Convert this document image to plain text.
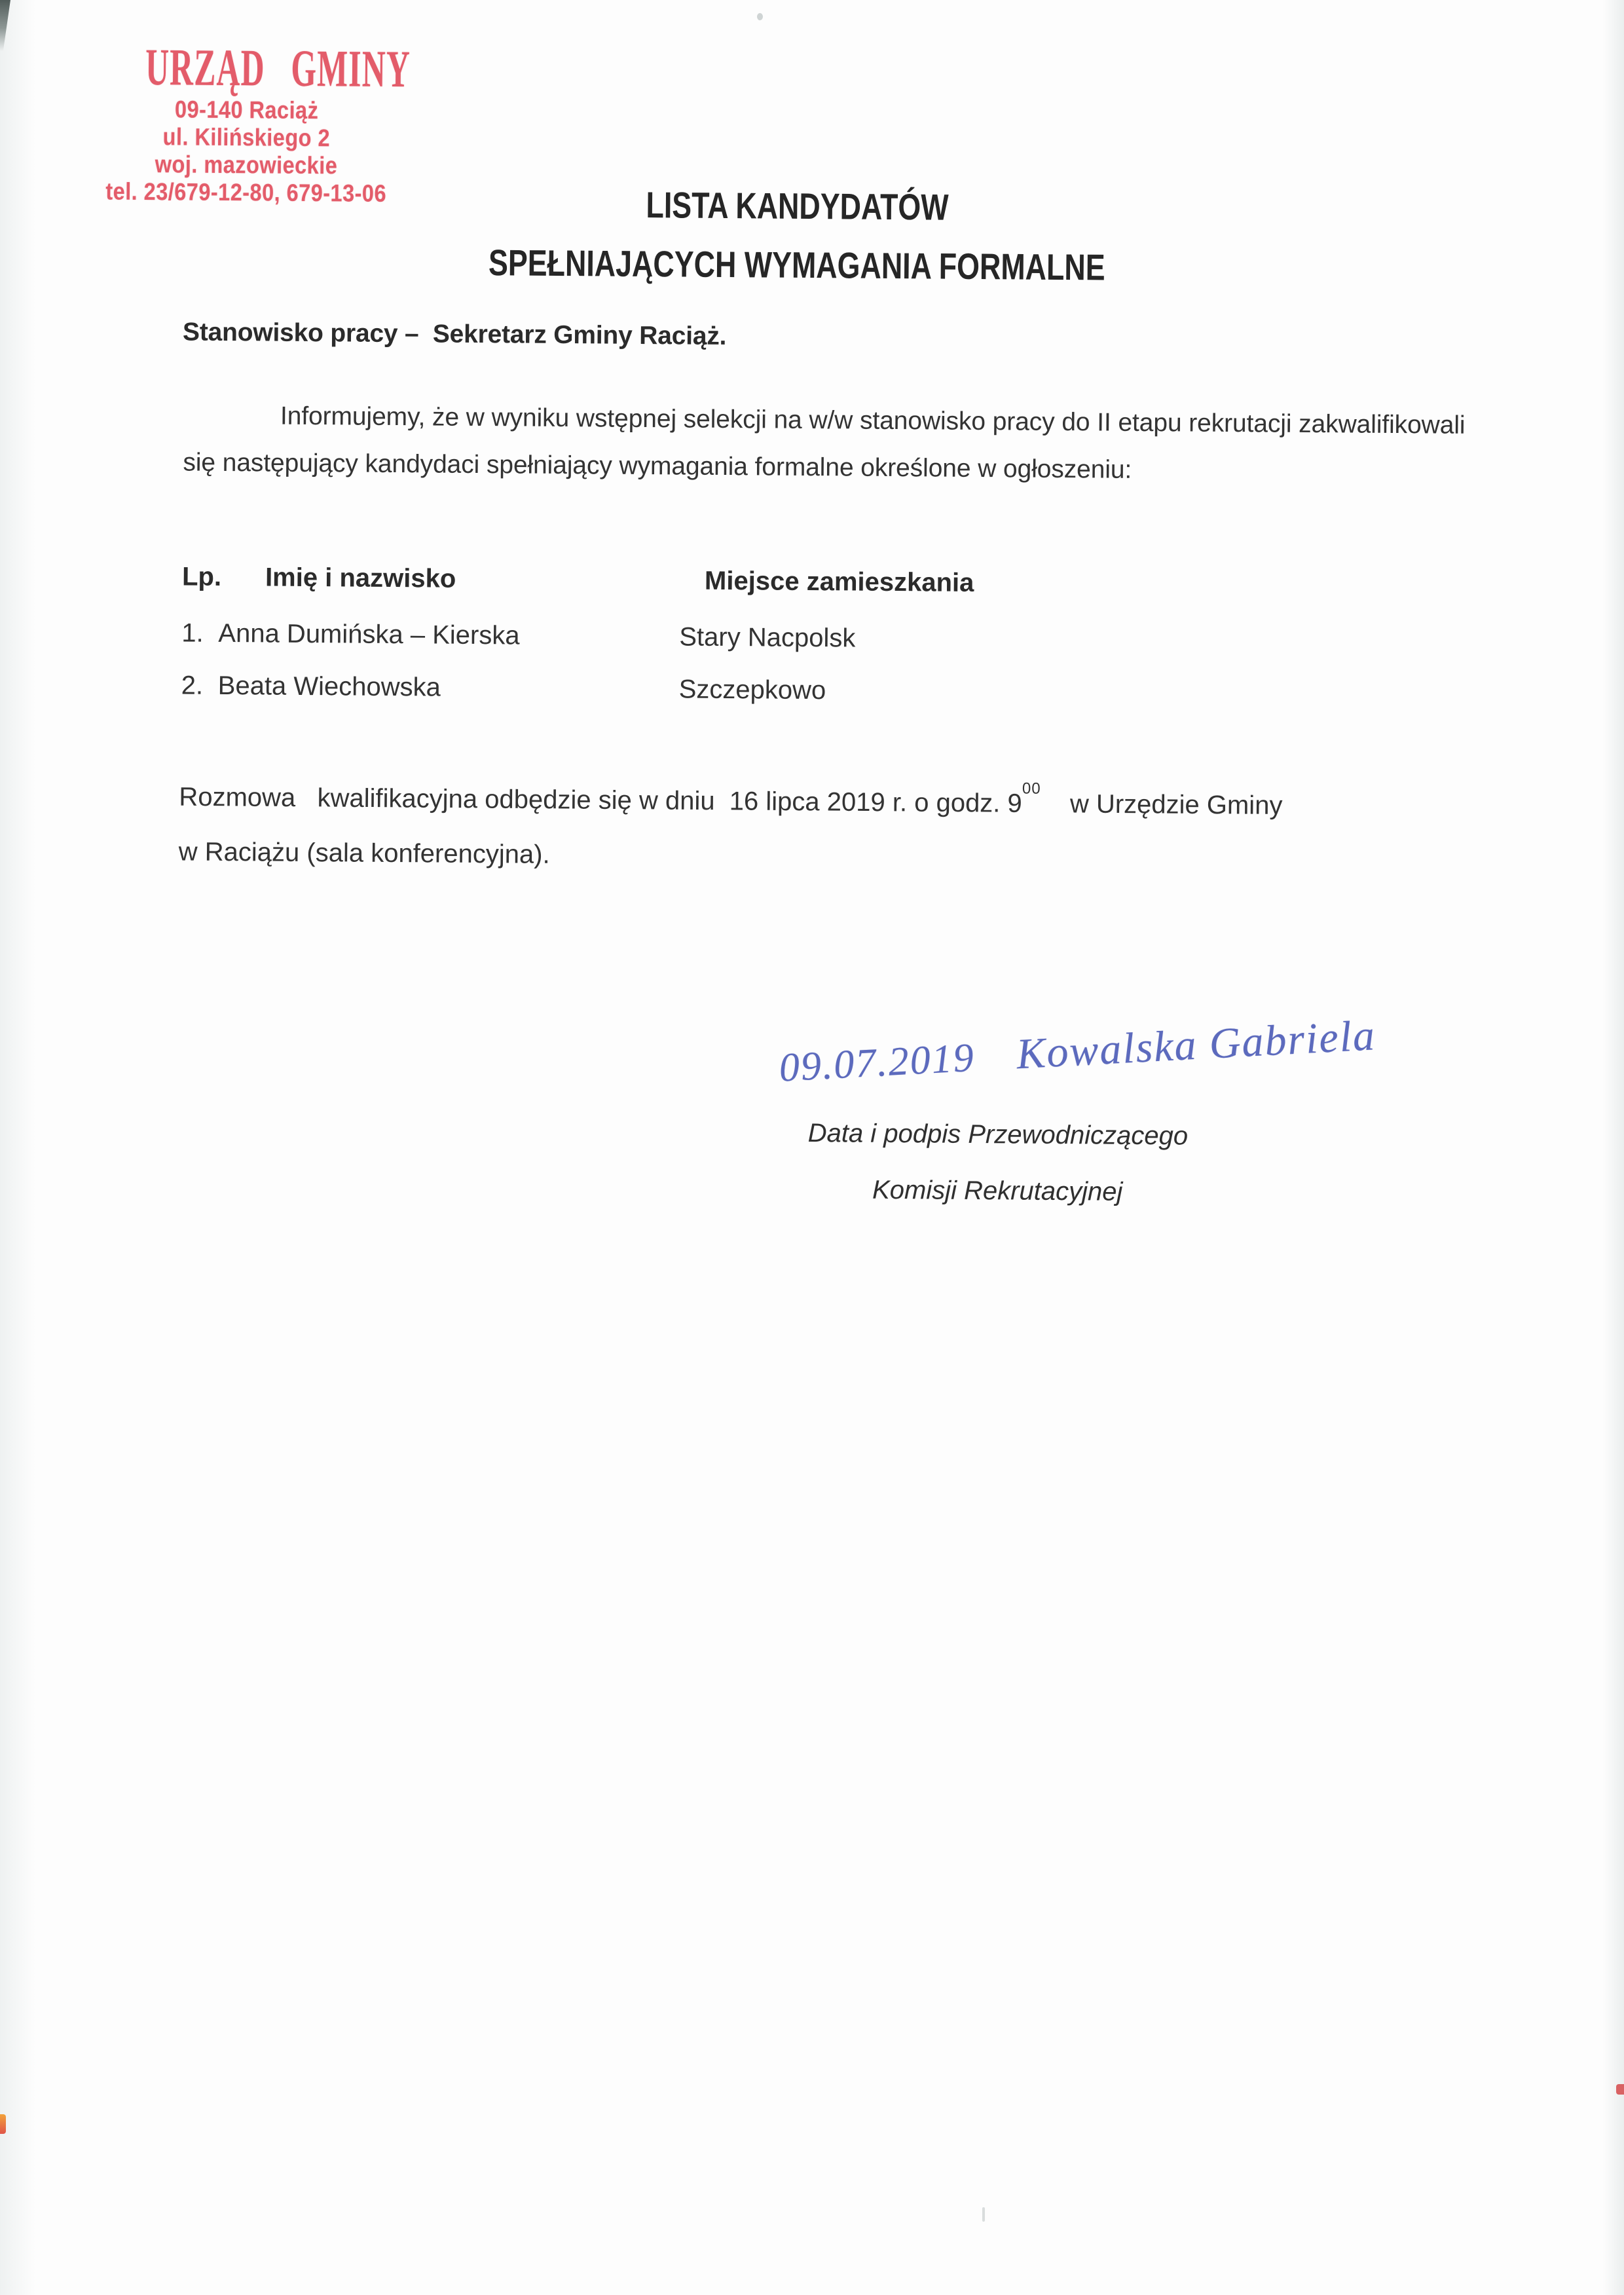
URZĄD GMINY
09-140 Raciąż
ul. Kilińskiego 2
woj. mazowieckie
tel. 23/679-12-80, 679-13-06	LISTA KANDYDATÓW
SPEŁNIAJĄCYCH WYMAGANIA FORMALNE
Stanowisko pracy –  Sekretarz Gminy Raciąż.
Informujemy, że w wyniku wstępnej selekcji na w/w stanowisko pracy do II etapu rekrutacji zakwalifikowali się następujący kandydaci spełniający wymagania formalne określone w ogłoszeniu:
Lp. Imię i nazwisko	Miejsce zamieszkania
1. Anna Dumińska – Kierska	Stary Nacpolsk
2. Beata Wiechowska	Szczepkowo
Rozmowa   kwalifikacyjna odbędzie się w dniu  16 lipca 2019 r. o godz. $9^{00}$    w Urzędzie Gminy
w Raciążu (sala konferencyjna).
09.07.2019 Kowalska Gabriela
Data i podpis Przewodniczącego
Komisji Rekrutacyjnej
